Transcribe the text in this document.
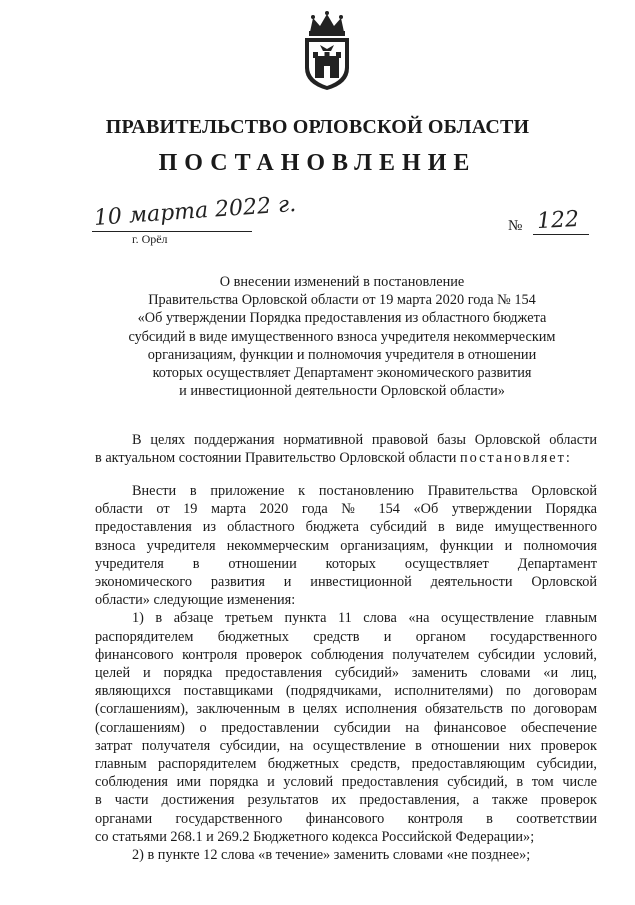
ПРАВИТЕЛЬСТВО ОРЛОВСКОЙ ОБЛАСТИ
ПОСТАНОВЛЕНИЕ
10 марта 2022 г.
г. Орёл
№ 122
О внесении изменений в постановление
Правительства Орловской области от 19 марта 2020 года № 154
«Об утверждении Порядка предоставления из областного бюджета
субсидий в виде имущественного взноса учредителя некоммерческим
организациям, функции и полномочия учредителя в отношении
которых осуществляет Департамент экономического развития
и инвестиционной деятельности Орловской области»
В целях поддержания нормативной правовой базы Орловской области
в актуальном состоянии Правительство Орловской области постановляет:
Внести в приложение к постановлению Правительства Орловской
области от 19 марта 2020 года № 154 «Об утверждении Порядка
предоставления из областного бюджета субсидий в виде имущественного
взноса учредителя некоммерческим организациям, функции и полномочия
учредителя в отношении которых осуществляет Департамент
экономического развития и инвестиционной деятельности Орловской
области» следующие изменения:
1) в абзаце третьем пункта 11 слова «на осуществление главным
распорядителем бюджетных средств и органом государственного
финансового контроля проверок соблюдения получателем субсидии условий,
целей и порядка предоставления субсидий» заменить словами «и лиц,
являющихся поставщиками (подрядчиками, исполнителями) по договорам
(соглашениям), заключенным в целях исполнения обязательств по договорам
(соглашениям) о предоставлении субсидии на финансовое обеспечение
затрат получателя субсидии, на осуществление в отношении них проверок
главным распорядителем бюджетных средств, предоставляющим субсидии,
соблюдения ими порядка и условий предоставления субсидий, в том числе
в части достижения результатов их предоставления, а также проверок
органами государственного финансового контроля в соответствии
со статьями 268.1 и 269.2 Бюджетного кодекса Российской Федерации»;
2) в пункте 12 слова «в течение» заменить словами «не позднее»;
